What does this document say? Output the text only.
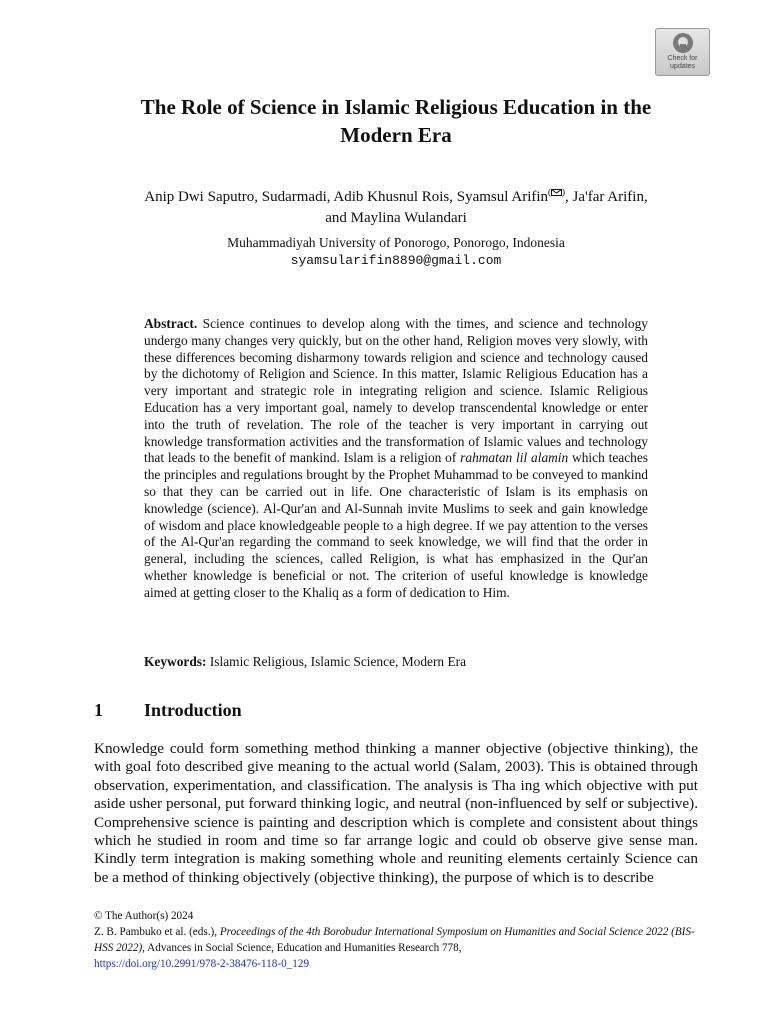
Check for
updates
The Role of Science in Islamic Religious Education in the
Modern Era

Anip Dwi Saputro, Sudarmadi, Adib Khusnul Rois, Syamsul Arifin( ), Ja'far Arifin,
and Maylina Wulandari

Muhammadiyah University of Ponorogo, Ponorogo, Indonesia
syamsularifin8890@gmail.com

Abstract. Science continues to develop along with the times, and science and technology undergo many changes very quickly, but on the other hand, Religion moves very slowly, with these differences becoming disharmony towards religion and science and technology caused by the dichotomy of Religion and Science. In this matter, Islamic Religious Education has a very important and strategic role in integrating religion and science. Islamic Religious Education has a very important goal, namely to develop transcendental knowledge or enter into the truth of revelation. The role of the teacher is very important in carrying out knowledge transformation activities and the transformation of Islamic values and technology that leads to the benefit of mankind. Islam is a religion of rahmatan lil alamin which teaches the principles and regulations brought by the Prophet Muhammad to be conveyed to mankind so that they can be carried out in life. One characteristic of Islam is its emphasis on knowledge (science). Al-Qur'an and Al-Sunnah invite Muslims to seek and gain knowledge of wisdom and place knowledgeable people to a high degree. If we pay attention to the verses of the Al-Qur'an regarding the command to seek knowledge, we will find that the order in general, including the sciences, called Religion, is what has emphasized in the Qur'an whether knowledge is beneficial or not. The criterion of useful knowledge is knowledge aimed at getting closer to the Khaliq as a form of dedication to Him.

Keywords: Islamic Religious, Islamic Science, Modern Era

1 Introduction

Knowledge could form something method thinking a manner objective (objective thinking), the with goal foto described give meaning to the actual world (Salam, 2003). This is obtained through observation, experimentation, and classification. The analysis is Tha ing which objective with put aside usher personal, put forward thinking logic, and neutral (non-influenced by self or subjective). Comprehensive science is painting and description which is complete and consistent about things which he studied in room and time so far arrange logic and could ob observe give sense man. Kindly term integration is making something whole and reuniting elements certainly Science can be a method of thinking objectively (objective thinking), the purpose of which is to describe

© The Author(s) 2024
Z. B. Pambuko et al. (eds.), Proceedings of the 4th Borobudur International Symposium on Humanities and Social Science 2022 (BIS-HSS 2022), Advances in Social Science, Education and Humanities Research 778,
https://doi.org/10.2991/978-2-38476-118-0_129
